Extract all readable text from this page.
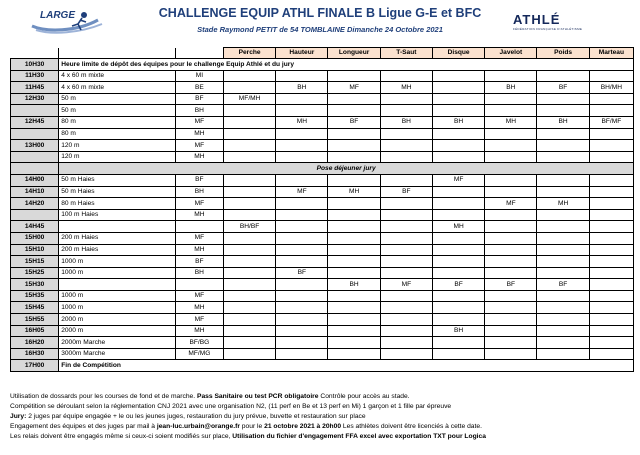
LARGE	CHALLENGE EQUIP ATHL FINALE B Ligue G-E et BFC
Stade Raymond PETIT de 54 TOMBLAINE Dimanche 24 Octobre 2021
ATHLÉ
FÉDÉRATION FRANÇAISE D'ATHLÉTISME
			Perche	Hauteur	Longueur	T-Saut	Disque	Javelot	Poids	Marteau
10H30	Heure limite de dépôt des équipes pour le challenge Equip Athlé et du jury									
11H30	4 x 60 m mixte	MI								
11H45	4 x 60 m mixte	BE		BH	MF	MH		BH	BF	BH/MH
12H30	50 m	BF	MF/MH							
	50 m	BH								
12H45	80 m	MF		MH	BF	BH	BH	MH	BH	BF/MF
	80 m	MH								
13H00	120 m	MF								
	120 m	MH								
	Pose déjeuner jury									
14H00	50 m Haies	BF					MF			
14H10	50 m Haies	BH		MF	MH	BF				
14H20	80 m Haies	MF						MF	MH	
	100 m Haies	MH								
14H45			BH/BF				MH			
15H00	200 m Haies	MF								
15H10	200 m Haies	MH								
15H15	1000 m	BF								
15H25	1000 m	BH		BF						
15H30					BH	MF	BF	BF	BF	
15H35	1000 m	MF								
15H45	1000 m	MH								
15H55	2000 m	MF								
16H05	2000 m	MH					BH			
16H20	2000m Marche	BF/BG								
16H30	3000m Marche	MF/MG								
17H00	Fin de Compétition									
Utilisation de dossards pour les courses de fond et de marche. Pass Sanitaire ou test PCR obligatoire Contrôle pour accès au stade.
Compétition se déroulant selon la réglementation CNJ 2021 avec une organisation N2, (11 perf en Be et 13 perf en Mi) 1 garçon et 1 fille par épreuve
Jury: 2 juges par équipe engagée + le ou les jeunes juges, restauration du jury prévue, buvette et restauration sur place
Engagement des équipes et des juges par mail à jean-luc.urbain@orange.fr pour le 21 octobre 2021 à 20h00 Les athlètes doivent être licenciés à cette date.
Les relais doivent être engagés même si ceux-ci soient modifiés sur place, Utilisation du fichier d'engagement FFA excel avec exportation TXT pour Logica
